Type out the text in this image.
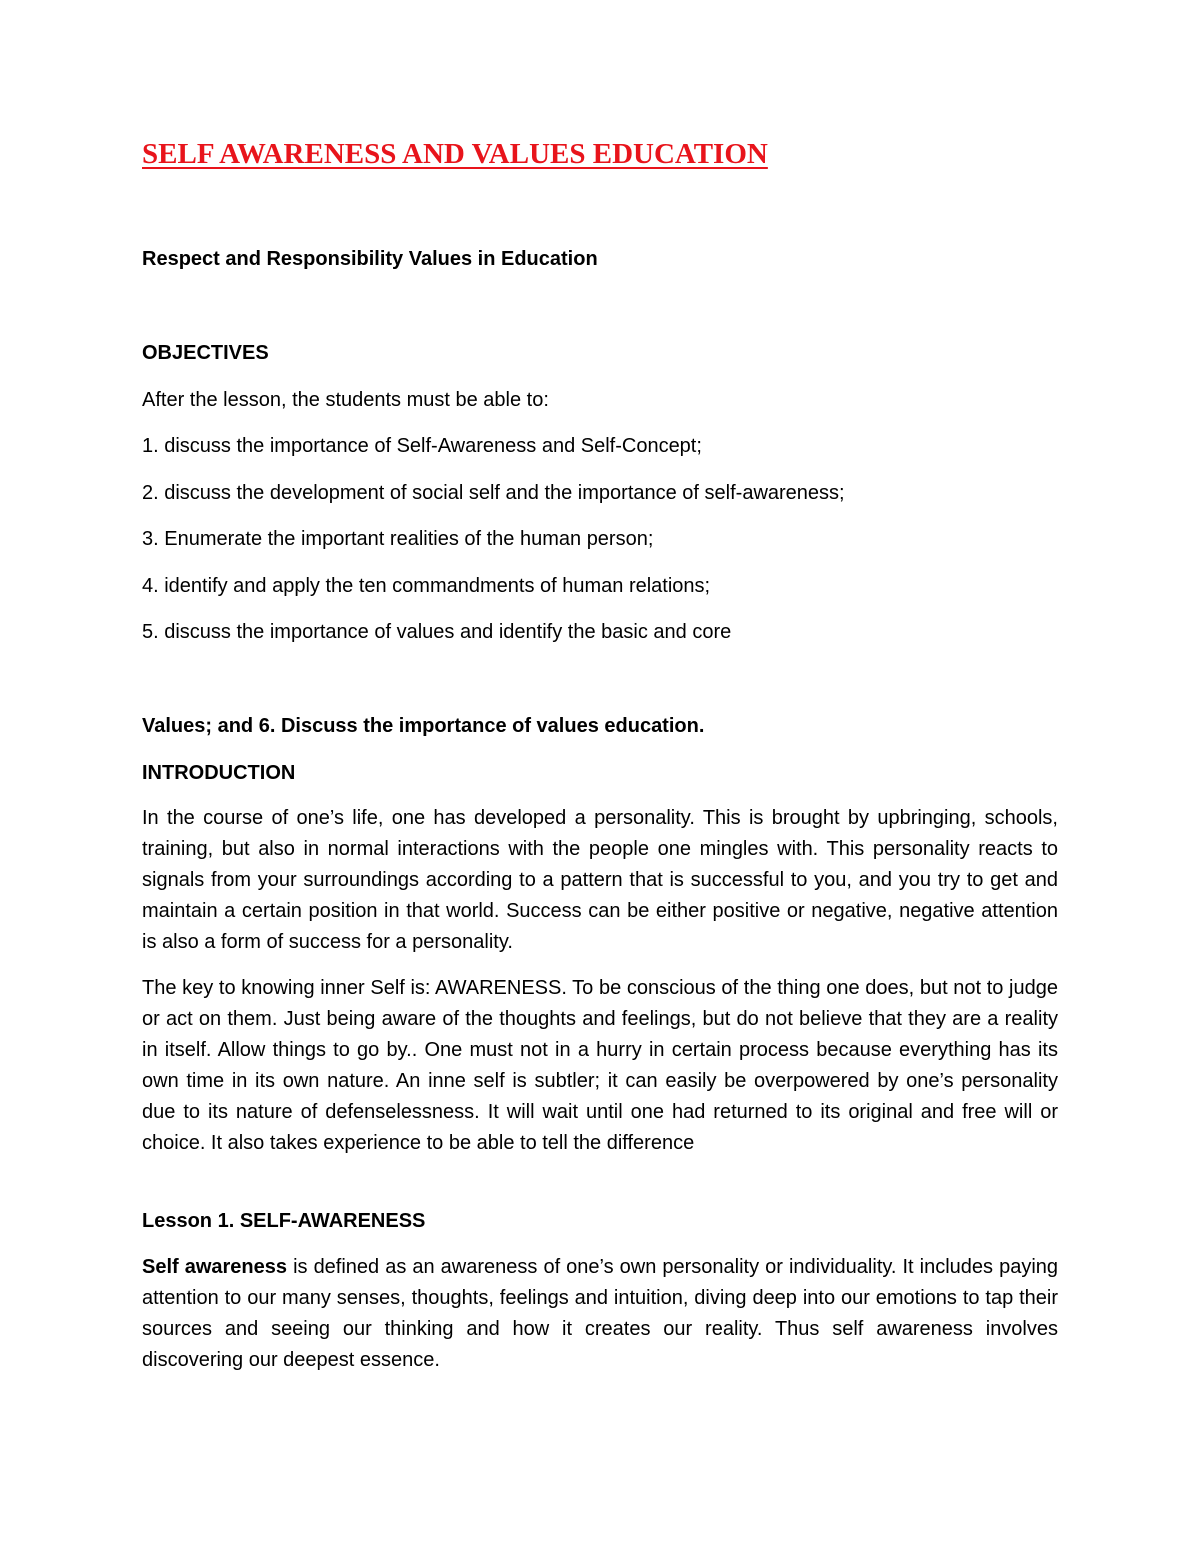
SELF AWARENESS AND VALUES EDUCATION
Respect and Responsibility Values in Education
OBJECTIVES
After the lesson, the students must be able to:
1. discuss the importance of Self-Awareness and Self-Concept;
2. discuss the development of social self and the importance of self-awareness;
3. Enumerate the important realities of the human person;
4. identify and apply the ten commandments of human relations;
5. discuss the importance of values and identify the basic and core
Values; and 6. Discuss the importance of values education.
INTRODUCTION

In the course of one’s life, one has developed a personality. This is brought by upbringing, schools, training, but also in normal interactions with the people one mingles with. This personality reacts to signals from your surroundings according to a pattern that is successful to you, and you try to get and maintain a certain position in that world. Success can be either positive or negative, negative attention is also a form of success for a personality.

The key to knowing inner Self is: AWARENESS. To be conscious of the thing one does, but not to judge or act on them. Just being aware of the thoughts and feelings, but do not believe that they are a reality in itself. Allow things to go by.. One must not in a hurry in certain process because everything has its own time in its own nature. An inne self is subtler; it can easily be overpowered by one’s personality due to its nature of defenselessness. It will wait until one had returned to its original and free will or choice. It also takes experience to be able to tell the difference

Lesson 1. SELF-AWARENESS

Self awareness is defined as an awareness of one’s own personality or individuality. It includes paying attention to our many senses, thoughts, feelings and intuition, diving deep into our emotions to tap their sources and seeing our thinking and how it creates our reality. Thus self awareness involves discovering our deepest essence.
